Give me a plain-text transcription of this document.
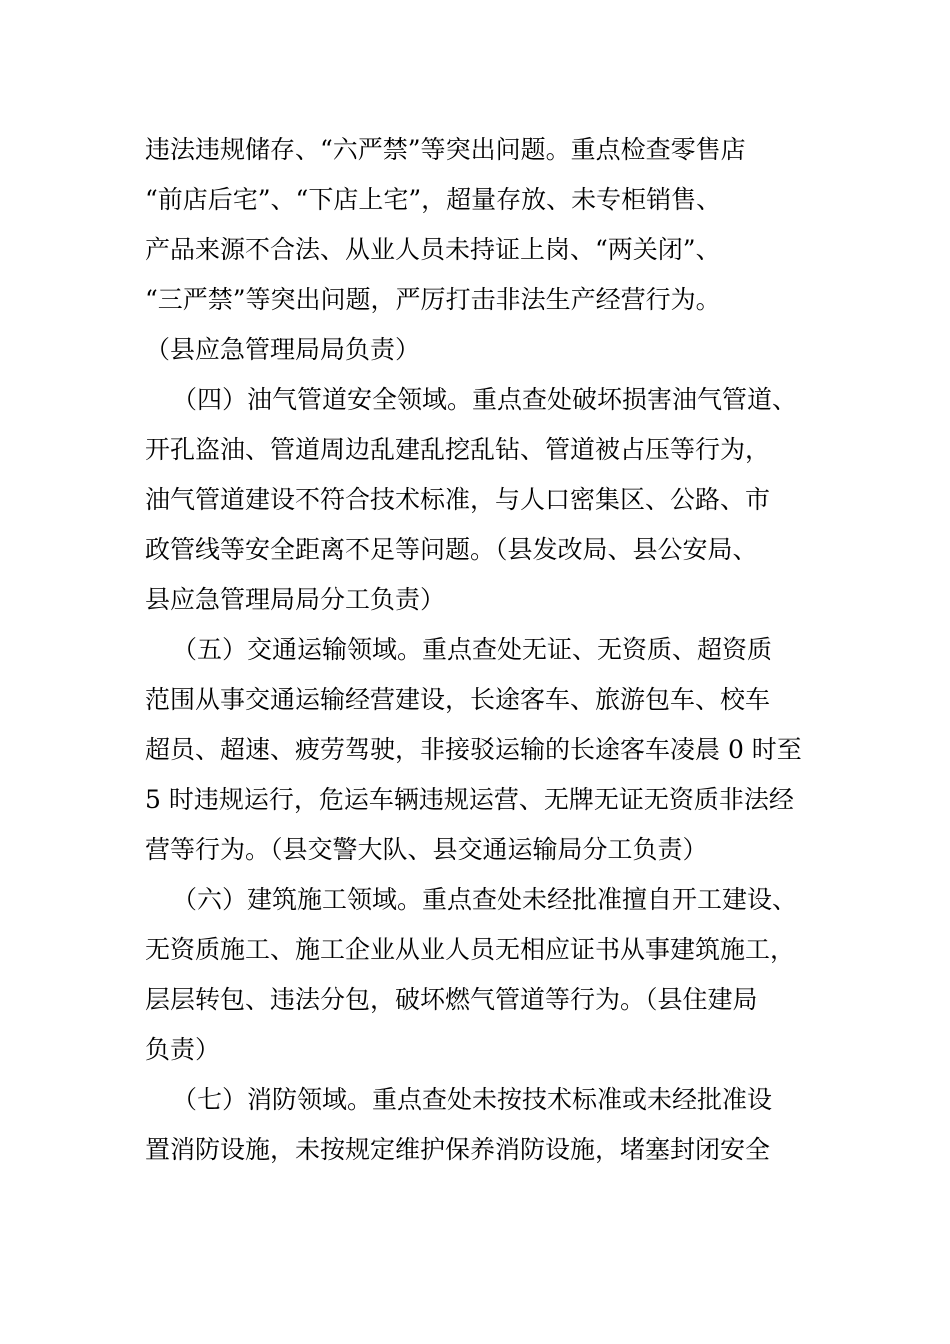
违法违规储存、“六严禁”等突出问题。重点检查零售店
“前店后宅”、“下店上宅”，超量存放、未专柜销售、
产品来源不合法、从业人员未持证上岗、“两关闭”、
“三严禁”等突出问题，严厉打击非法生产经营行为。
（县应急管理局局负责）
（四）油气管道安全领域。重点查处破坏损害油气管道、
开孔盗油、管道周边乱建乱挖乱钻、管道被占压等行为，
油气管道建设不符合技术标准，与人口密集区、公路、市
政管线等安全距离不足等问题。（县发改局、县公安局、
县应急管理局局分工负责）
（五）交通运输领域。重点查处无证、无资质、超资质
范围从事交通运输经营建设，长途客车、旅游包车、校车
超员、超速、疲劳驾驶，非接驳运输的长途客车凌晨 0 时至
5 时违规运行，危运车辆违规运营、无牌无证无资质非法经
营等行为。（县交警大队、县交通运输局分工负责）
（六）建筑施工领域。重点查处未经批准擅自开工建设、
无资质施工、施工企业从业人员无相应证书从事建筑施工，
层层转包、违法分包，破坏燃气管道等行为。（县住建局
负责）
（七）消防领域。重点查处未按技术标准或未经批准设
置消防设施，未按规定维护保养消防设施，堵塞封闭安全
